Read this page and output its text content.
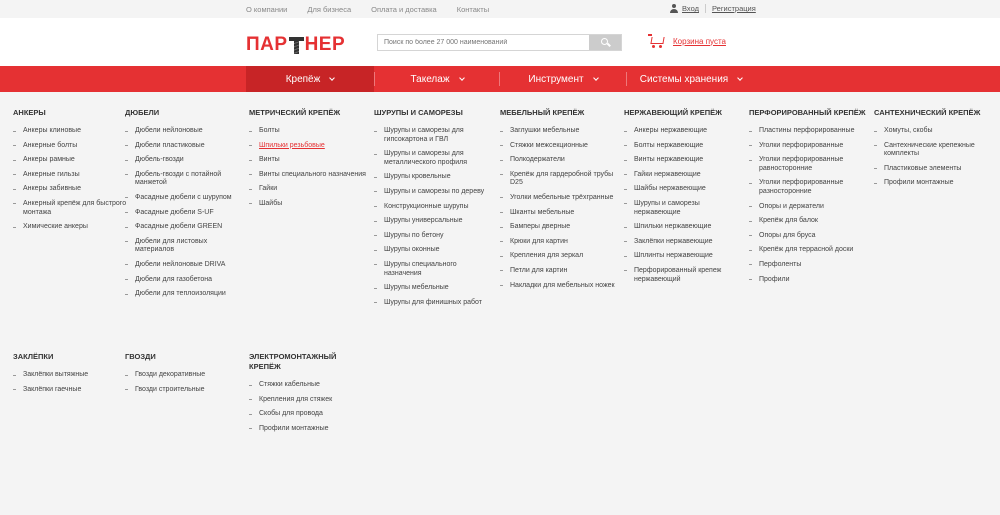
О компании	Для бизнеса	Оплата и доставка	Контакты	Вход Регистрация
ПАР НЕР
Поиск по более 27 000 наименований	Корзина пуста
Крепёж	Такелаж	Инструмент	Системы хранения
АНКЕРЫ
Анкеры клиновые
Анкерные болты
Анкеры рамные
Анкерные гильзы
Анкеры забивные
Анкерный крепёж для быстрого монтажа
Химические анкеры
ДЮБЕЛИ
Дюбели нейлоновые
Дюбели пластиковые
Дюбель-гвозди
Дюбель-гвозди с потайной манжетой
Фасадные дюбели с шурупом
Фасадные дюбели S-UF
Фасадные дюбели GREEN
Дюбели для листовых материалов
Дюбели нейлоновые DRIVA
Дюбели для газобетона
Дюбели для теплоизоляции
МЕТРИЧЕСКИЙ КРЕПЁЖ
Болты
Шпильки резьбовые
Винты
Винты специального назначения
Гайки
Шайбы
ШУРУПЫ И САМОРЕЗЫ
Шурупы и саморезы для гипсокартона и ГВЛ
Шурупы и саморезы для металлического профиля
Шурупы кровельные
Шурупы и саморезы по дереву
Конструкционные шурупы
Шурупы универсальные
Шурупы по бетону
Шурупы оконные
Шурупы специального назначения
Шурупы мебельные
Шурупы для финишных работ
МЕБЕЛЬНЫЙ КРЕПЁЖ
Заглушки мебельные
Стяжки межсекционные
Полкодержатели
Крепёж для гардеробной трубы D25
Уголки мебельные трёхгранные
Шканты мебельные
Бамперы дверные
Крюки для картин
Крепления для зеркал
Петли для картин
Накладки для мебельных ножек
НЕРЖАВЕЮЩИЙ КРЕПЁЖ
Анкеры нержавеющие
Болты нержавеющие
Винты нержавеющие
Гайки нержавеющие
Шайбы нержавеющие
Шурупы и саморезы нержавеющие
Шпильки нержавеющие
Заклёпки нержавеющие
Шплинты нержавеющие
Перфорированный крепеж нержавеющий
ПЕРФОРИРОВАННЫЙ КРЕПЁЖ
Пластины перфорированные
Уголки перфорированные
Уголки перфорированные равносторонние
Уголки перфорированные разносторонние
Опоры и держатели
Крепёж для балок
Опоры для бруса
Крепёж для террасной доски
Перфоленты
Профили
САНТЕХНИЧЕСКИЙ КРЕПЁЖ
Хомуты, скобы
Сантехнические крепежные комплекты
Пластиковые элементы
Профили монтажные
ЗАКЛЁПКИ
Заклёпки вытяжные
Заклёпки гаечные
ГВОЗДИ
Гвозди декоративные
Гвозди строительные
ЭЛЕКТРОМОНТАЖНЫЙ КРЕПЁЖ
Стяжки кабельные
Крепления для стяжек
Скобы для провода
Профили монтажные
